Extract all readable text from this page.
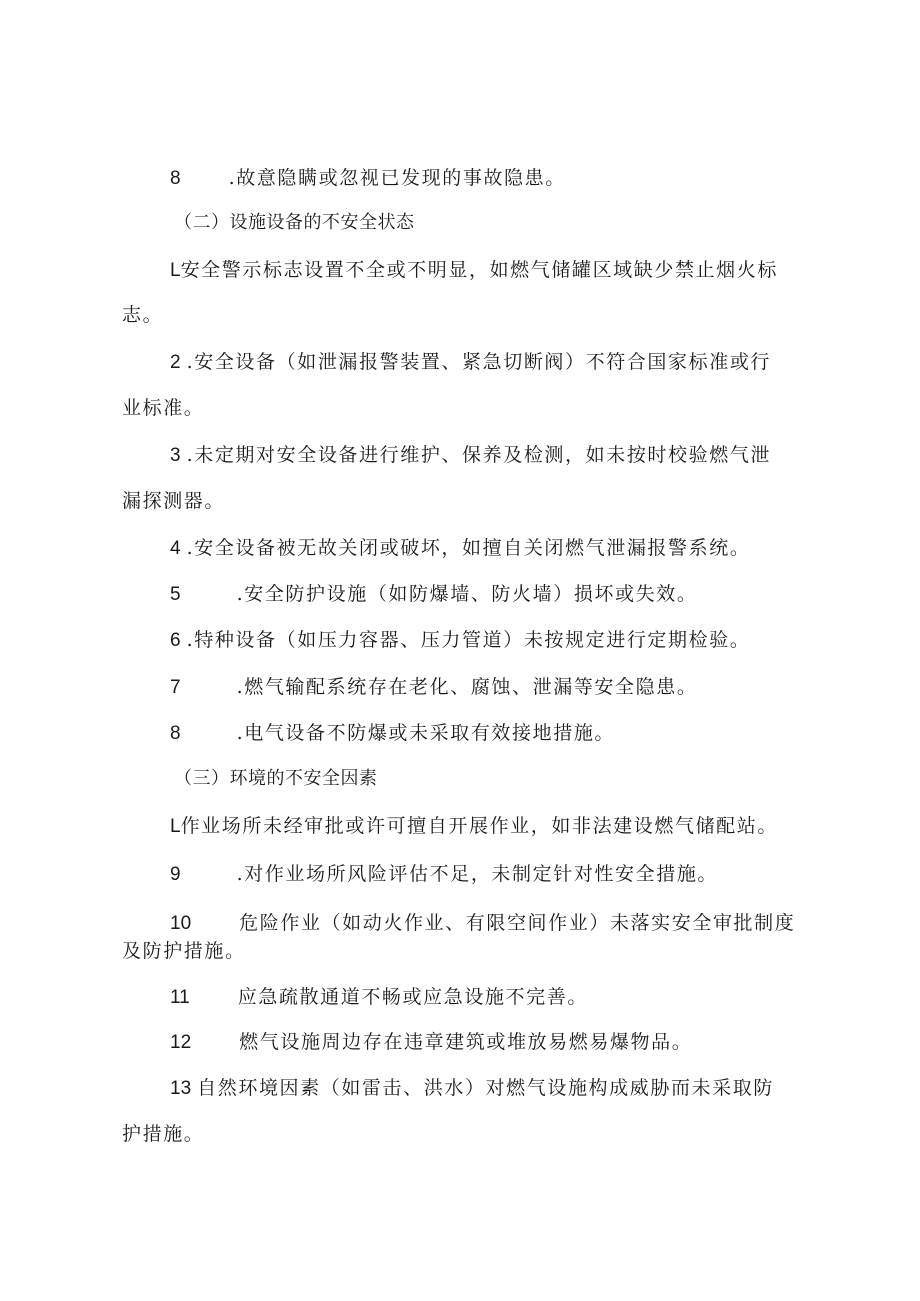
8	.故意隐瞒或忽视已发现的事故隐患。
（二）设施设备的不安全状态
L安全警示标志设置不全或不明显，如燃气储罐区域缺少禁止烟火标
志。
2 .安全设备（如泄漏报警装置、紧急切断阀）不符合国家标准或行
业标准。
3 .未定期对安全设备进行维护、保养及检测，如未按时校验燃气泄
漏探测器。
4 .安全设备被无故关闭或破坏，如擅自关闭燃气泄漏报警系统。
5	.安全防护设施（如防爆墙、防火墙）损坏或失效。
6 .特种设备（如压力容器、压力管道）未按规定进行定期检验。
7	.燃气输配系统存在老化、腐蚀、泄漏等安全隐患。
8	.电气设备不防爆或未采取有效接地措施。
（三）环境的不安全因素
L作业场所未经审批或许可擅自开展作业，如非法建设燃气储配站。
9	.对作业场所风险评估不足，未制定针对性安全措施。
10	危险作业（如动火作业、有限空间作业）未落实安全审批制度
及防护措施。
11	应急疏散通道不畅或应急设施不完善。
12	燃气设施周边存在违章建筑或堆放易燃易爆物品。
13 自然环境因素（如雷击、洪水）对燃气设施构成威胁而未采取防
护措施。
